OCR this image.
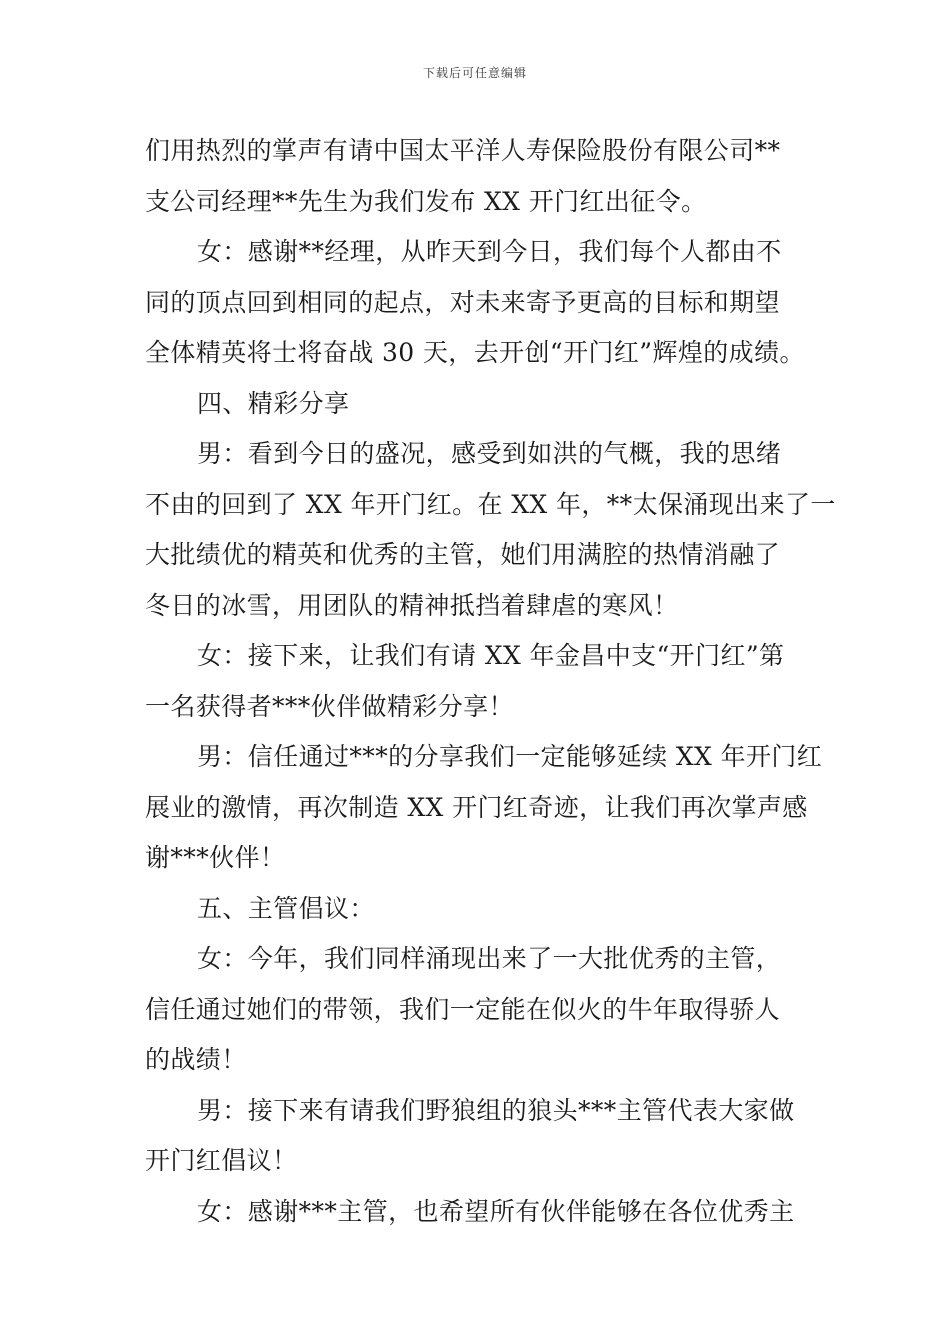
下载后可任意编辑
们用热烈的掌声有请中国太平洋人寿保险股份有限公司**
支公司经理**先生为我们发布 XX 开门红出征令。
女：感谢**经理，从昨天到今日，我们每个人都由不
同的顶点回到相同的起点，对未来寄予更高的目标和期望
全体精英将士将奋战 30 天，去开创“开门红”辉煌的成绩。
四、精彩分享
男：看到今日的盛况，感受到如洪的气概，我的思绪
不由的回到了 XX 年开门红。在 XX 年，**太保涌现出来了一
大批绩优的精英和优秀的主管，她们用满腔的热情消融了
冬日的冰雪，用团队的精神抵挡着肆虐的寒风！
女：接下来，让我们有请 XX 年金昌中支“开门红”第
一名获得者***伙伴做精彩分享！
男：信任通过***的分享我们一定能够延续 XX 年开门红
展业的激情，再次制造 XX 开门红奇迹，让我们再次掌声感
谢***伙伴！
五、主管倡议：
女：今年，我们同样涌现出来了一大批优秀的主管，
信任通过她们的带领，我们一定能在似火的牛年取得骄人
的战绩！
男：接下来有请我们野狼组的狼头***主管代表大家做
开门红倡议！
女：感谢***主管，也希望所有伙伴能够在各位优秀主
